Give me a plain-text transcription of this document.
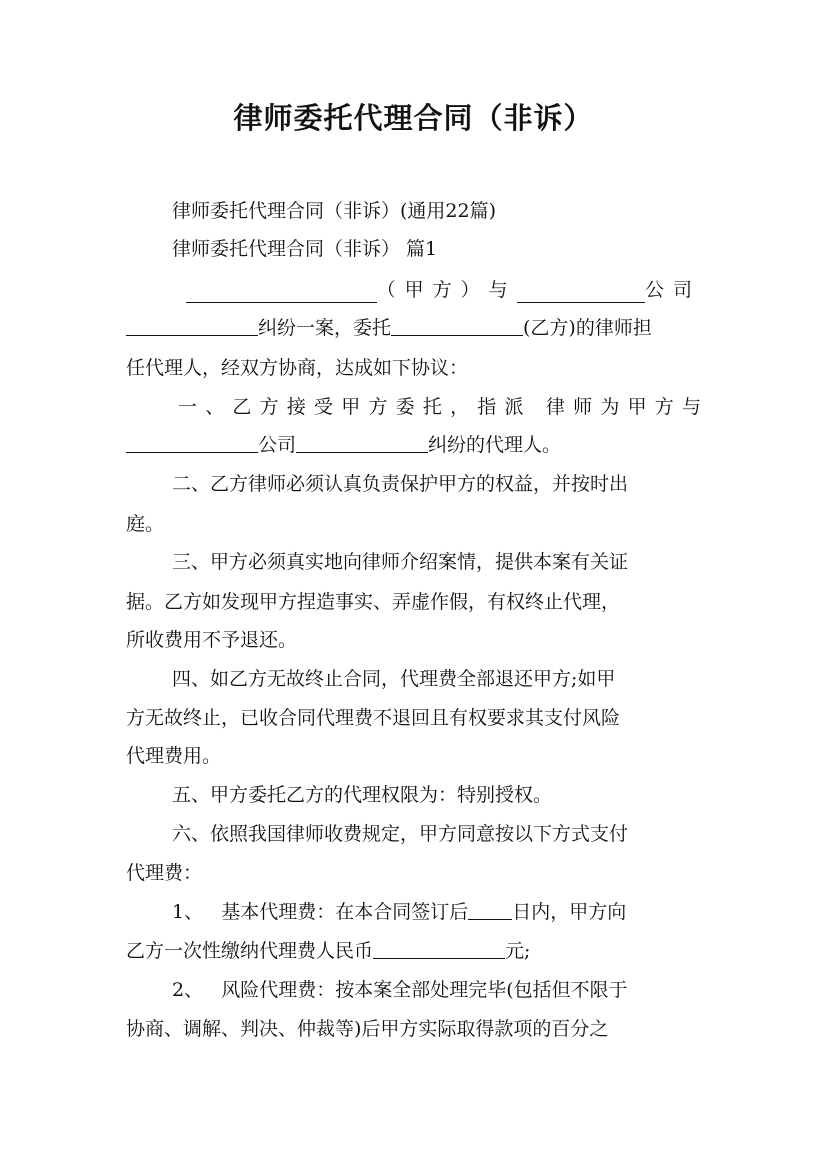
律师委托代理合同（非诉）
律师委托代理合同（非诉）(通用22篇)
律师委托代理合同（非诉） 篇1
（甲方）与	公司
纠纷一案，委托	(乙方)的律师担
任代理人，经双方协商，达成如下协议：
一、乙方接受甲方委托，指派 律师为甲方与
公司	纠纷的代理人。
二、乙方律师必须认真负责保护甲方的权益，并按时出
庭。
三、甲方必须真实地向律师介绍案情，提供本案有关证
据。乙方如发现甲方捏造事实、弄虚作假，有权终止代理，
所收费用不予退还。
四、如乙方无故终止合同，代理费全部退还甲方;如甲
方无故终止，已收合同代理费不退回且有权要求其支付风险
代理费用。
五、甲方委托乙方的代理权限为：特别授权。
六、依照我国律师收费规定，甲方同意按以下方式支付
代理费：
1、   基本代理费：在本合同签订后 日内，甲方向
乙方一次性缴纳代理费人民币	元;
2、   风险代理费：按本案全部处理完毕(包括但不限于
协商、调解、判决、仲裁等)后甲方实际取得款项的百分之
